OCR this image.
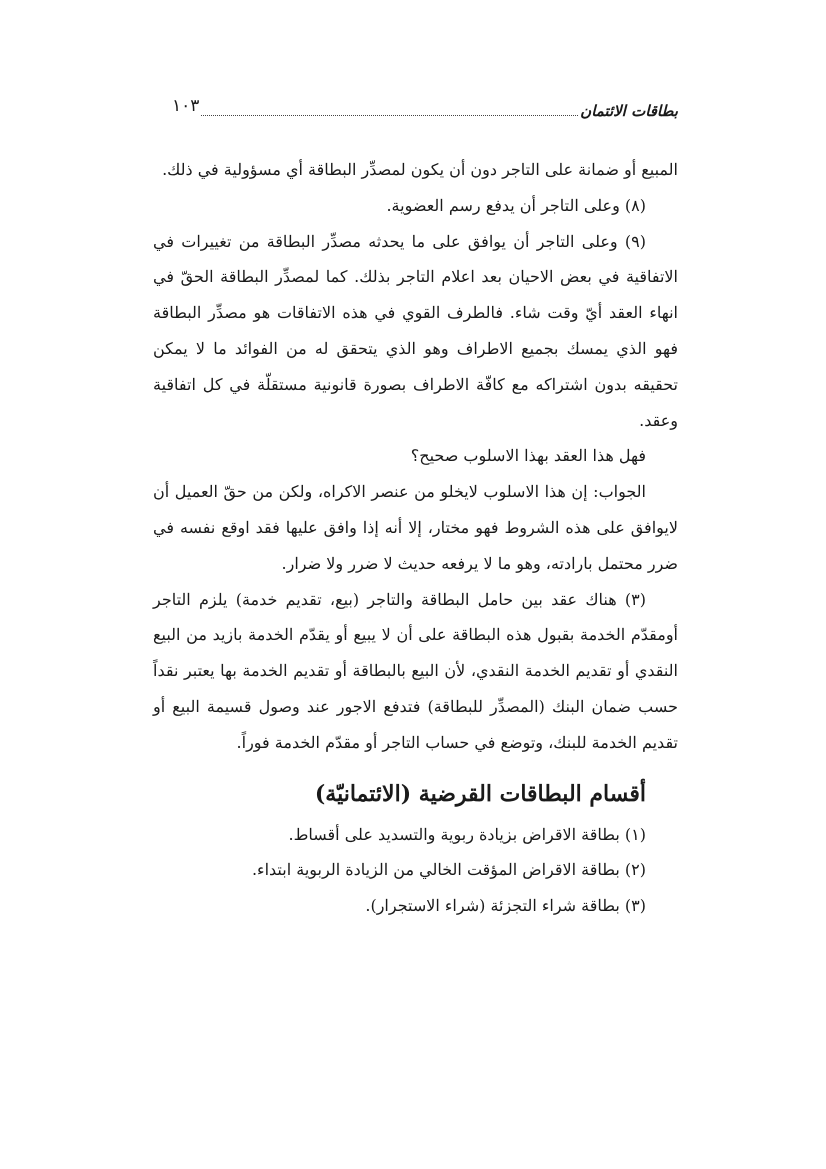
بطاقات الائتمان
١٠٣

المبيع أو ضمانة على التاجر دون أن يكون لمصدِّر البطاقة أي مسؤولية في ذلك.

(٨) وعلى التاجر أن يدفع رسم العضوية.

(٩) وعلى التاجر أن يوافق على ما يحدثه مصدِّر البطاقة من تغييرات في الاتفاقية في بعض الاحيان بعد اعلام التاجر بذلك. كما لمصدِّر البطاقة الحقّ في انهاء العقد أيّ وقت شاء. فالطرف القوي في هذه الاتفاقات هو مصدِّر البطاقة فهو الذي يمسك بجميع الاطراف وهو الذي يتحقق له من الفوائد ما لا يمكن تحقيقه بدون اشتراكه مع كافّة الاطراف بصورة قانونية مستقلّة في كل اتفاقية وعقد.

فهل هذا العقد بهذا الاسلوب صحيح؟

الجواب: إن هذا الاسلوب لايخلو من عنصر الاكراه، ولكن من حقّ العميل أن لايوافق على هذه الشروط فهو مختار، إلا أنه إذا وافق عليها فقد اوقع نفسه في ضرر محتمل بارادته، وهو ما لا يرفعه حديث لا ضرر ولا ضرار.

(٣) هناك عقد بين حامل البطاقة والتاجر (بيع، تقديم خدمة) يلزم التاجر أومقدّم الخدمة بقبول هذه البطاقة على أن لا يبيع أو يقدّم الخدمة بازيد من البيع النقدي أو تقديم الخدمة النقدي، لأن البيع بالبطاقة أو تقديم الخدمة بها يعتبر نقداً حسب ضمان البنك (المصدِّر للبطاقة) فتدفع الاجور عند وصول قسيمة البيع أو تقديم الخدمة للبنك، وتوضع في حساب التاجر أو مقدّم الخدمة فوراً.

أقسام البطاقات القرضية (الائتمانيّة)

(١) بطاقة الاقراض بزيادة ربوية والتسديد على أقساط.

(٢) بطاقة الاقراض المؤقت الخالي من الزيادة الربوية ابتداء.

(٣) بطاقة شراء التجزئة (شراء الاستجرار).
